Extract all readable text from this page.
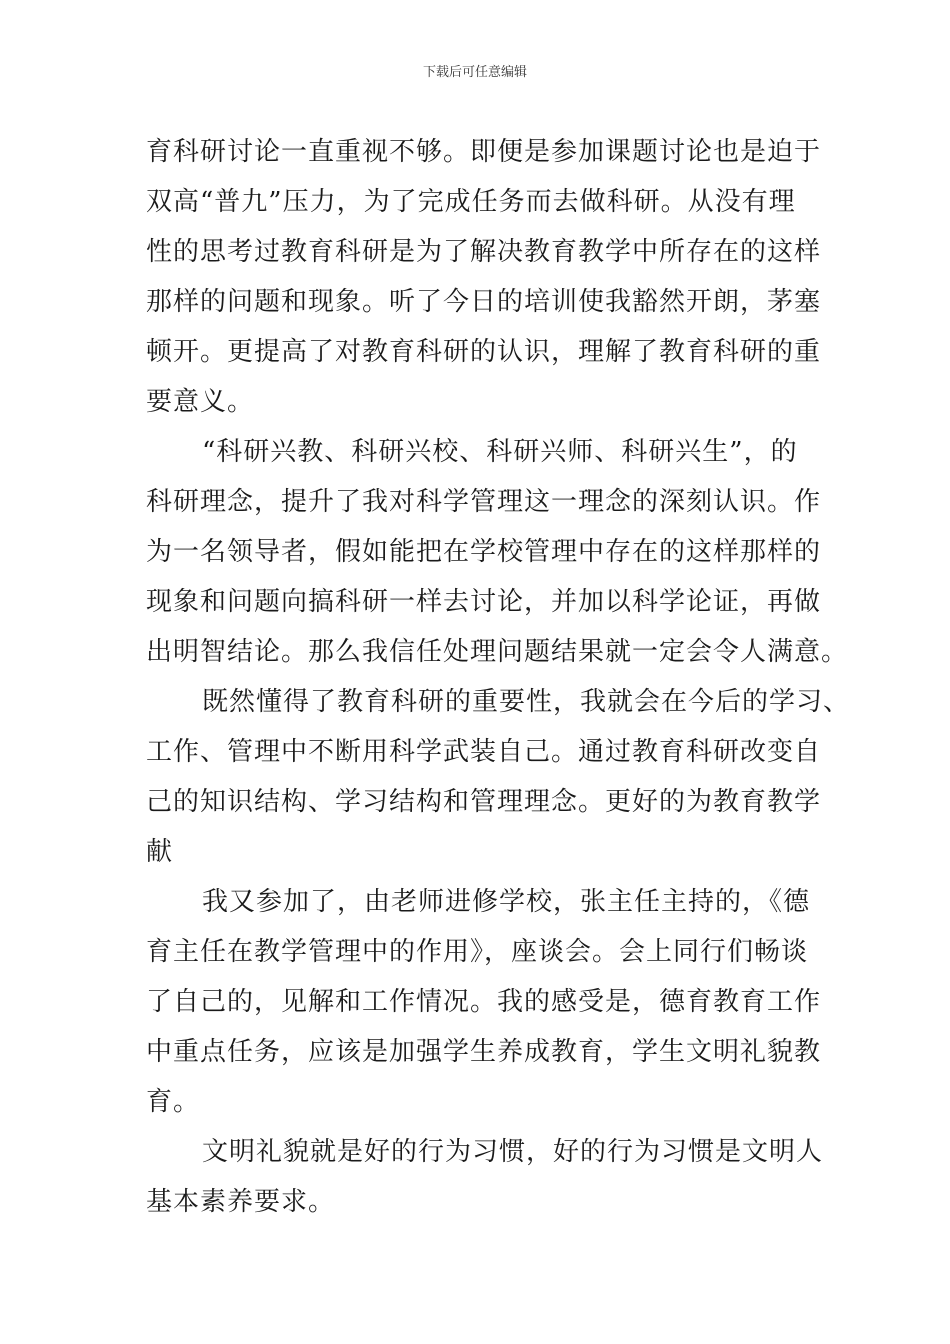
下载后可任意编辑

育科研讨论一直重视不够。即便是参加课题讨论也是迫于
双高“普九”压力，为了完成任务而去做科研。从没有理
性的思考过教育科研是为了解决教育教学中所存在的这样
那样的问题和现象。听了今日的培训使我豁然开朗，茅塞
顿开。更提高了对教育科研的认识，理解了教育科研的重
要意义。

“科研兴教、科研兴校、科研兴师、科研兴生”，的
科研理念，提升了我对科学管理这一理念的深刻认识。作
为一名领导者，假如能把在学校管理中存在的这样那样的
现象和问题向搞科研一样去讨论，并加以科学论证，再做
出明智结论。那么我信任处理问题结果就一定会令人满意。

既然懂得了教育科研的重要性，我就会在今后的学习、
工作、管理中不断用科学武装自己。通过教育科研改变自
己的知识结构、学习结构和管理理念。更好的为教育教学
献

我又参加了，由老师进修学校，张主任主持的，《德
育主任在教学管理中的作用》，座谈会。会上同行们畅谈
了自己的，见解和工作情况。我的感受是，德育教育工作
中重点任务，应该是加强学生养成教育，学生文明礼貌教
育。

文明礼貌就是好的行为习惯，好的行为习惯是文明人
基本素养要求。
